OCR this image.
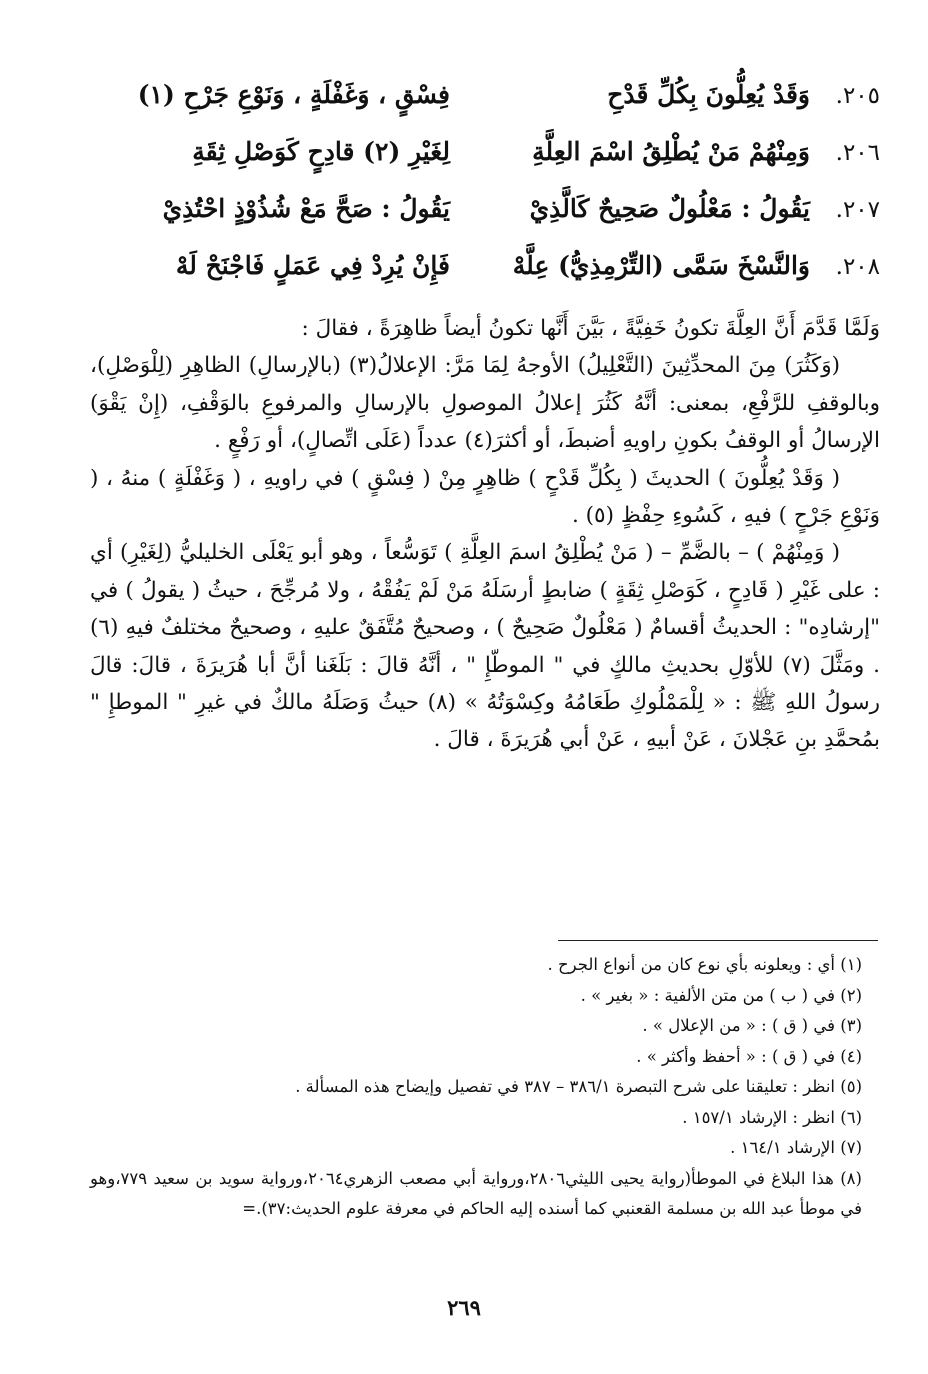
٢٠٥.
وَقَدْ يُعِلُّونَ بِكُلِّ قَدْحِ
فِسْقٍ ، وَغَفْلَةٍ ، وَنَوْعِ جَرْحِ (١)
٢٠٦.
وَمِنْهُمْ مَنْ يُطْلِقُ اسْمَ العِلَّةِ
لِغَيْرِ (٢) قادِحٍ كَوَصْلِ ثِقَةِ
٢٠٧.
يَقُولُ : مَعْلُولٌ صَحِيحٌ كَالَّذِيْ
يَقُولُ : صَحَّ مَعْ شُذُوْذٍ احْتُذِيْ
٢٠٨.
وَالنَّسْخَ سَمَّى (التِّرْمِذِيُّ) عِلَّهْ
فَإِنْ يُرِدْ فِي عَمَلٍ فَاجْنَحْ لَهْ

وَلَمَّا قَدَّمَ أَنَّ العِلَّةَ تكونُ خَفِيَّةً ، بَيَّنَ أَنَّها تكونُ أيضاً ظاهِرَةً ، فقالَ :

(وَكَثُرَ) مِنَ المحدِّثِينَ (التَّعْلِيلُ) الأوجهُ لِمَا مَرَّ: الإعلالُ(٣) (بالإرسالِ) الظاهِرِ (لِلْوَصْلِ)، وبالوقفِ للرَّفْعِ، بمعنى: أنَّهُ كَثُرَ إعلالُ الموصولِ بالإرسالِ والمرفوعِ بالوَقْفِ، (إِنْ يَقْوَ) الإرسالُ أو الوقفُ بكونِ راويهِ أضبطَ، أو أكثرَ(٤) عدداً (عَلَى اتِّصالٍ)، أو رَفْعٍ .

( وَقَدْ يُعِلُّونَ ) الحديثَ ( بِكُلِّ قَدْحٍ ) ظاهِرٍ مِنْ ( فِسْقٍ ) في راويهِ ، ( وَغَفْلَةٍ ) منهُ ، ( وَنَوْعِ جَرْحٍ ) فيهِ ، كَسُوءِ حِفْظٍ (٥) .

( وَمِنْهُمْ ) – بالضَّمِّ – ( مَنْ يُطْلِقُ اسمَ العِلَّةِ ) تَوَسُّعاً ، وهو أبو يَعْلَى الخليليُّ (لِغَيْرِ) أي : على غَيْرِ ( قَادِحٍ ، كَوَصْلِ ثِقَةٍ ) ضابطٍ أرسَلَهُ مَنْ لَمْ يَفُقْهُ ، ولا مُرجِّحَ ، حيثُ ( يقولُ ) في "إرشادِه" : الحديثُ أقسامٌ ( مَعْلُولٌ صَحِيحٌ ) ، وصحيحٌ مُتَّفَقٌ عليهِ ، وصحيحٌ مختلفٌ فيهِ (٦) . ومَثَّلَ (٧) للأوّلِ بحديثِ مالكٍ في " الموطّإِ " ، أنَّهُ قالَ : بَلَغَنا أنَّ أبا هُرَيرَةَ ، قالَ: قالَ رسولُ اللهِ ﷺ : « لِلْمَمْلُوكِ طَعَامُهُ وكِسْوَتُهُ » (٨) حيثُ وَصَلَهُ مالكٌ في غيرِ " الموطإِ " بمُحمَّدِ بنِ عَجْلانَ ، عَنْ أبيهِ ، عَنْ أبي هُرَيرَةَ ، قالَ .

(١) أي : ويعلونه بأي نوع كان من أنواع الجرح .

(٢) في ( ب ) من متن الألفية : « بغير » .

(٣) في ( ق ) : « من الإعلال » .

(٤) في ( ق ) : « أحفظ وأكثر » .

(٥) انظر : تعليقنا على شرح التبصرة ٣٨٦/١ – ٣٨٧ في تفصيل وإيضاح هذه المسألة .

(٦) انظر : الإرشاد ١٥٧/١ .

(٧) الإرشاد ١٦٤/١ .

(٨) هذا البلاغ في الموطأ(رواية يحيى الليثي٢٨٠٦،ورواية أبي مصعب الزهري٢٠٦٤،ورواية سويد بن سعيد ٧٧٩،وهو في موطأ عبد الله بن مسلمة القعنبي كما أسنده إليه الحاكم في معرفة علوم الحديث:٣٧).=

٢٦٩
